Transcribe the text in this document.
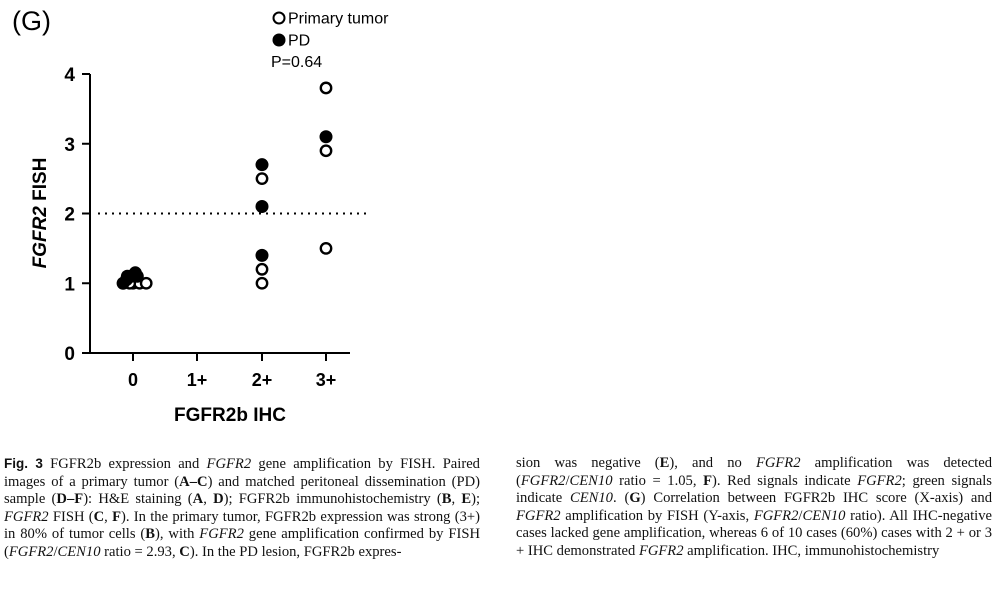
(G)	Primary tumor
PD
P=0.64
0
1
2
3
4
0	1+ 2+ 3+
FGFR2 FISH
FGFR2b IHC

Fig. 3 FGFR2b expression and FGFR2 gene amplification by FISH. Paired images of a primary tumor (A–C) and matched peritoneal dissemination (PD) sample (D–F): H&E staining (A, D); FGFR2b immunohistochemistry (B, E); FGFR2 FISH (C, F). In the primary tumor, FGFR2b expression was strong (3+) in 80% of tumor cells (B), with FGFR2 gene amplification confirmed by FISH (FGFR2/CEN10 ratio = 2.93, C). In the PD lesion, FGFR2b expres-

sion was negative (E), and no FGFR2 amplification was detected (FGFR2/CEN10 ratio = 1.05, F). Red signals indicate FGFR2; green signals indicate CEN10. (G) Correlation between FGFR2b IHC score (X-axis) and FGFR2 amplification by FISH (Y-axis, FGFR2/CEN10 ratio). All IHC-negative cases lacked gene amplification, whereas 6 of 10 cases (60%) cases with 2 + or 3 + IHC demonstrated FGFR2 amplification. IHC, immunohistochemistry
